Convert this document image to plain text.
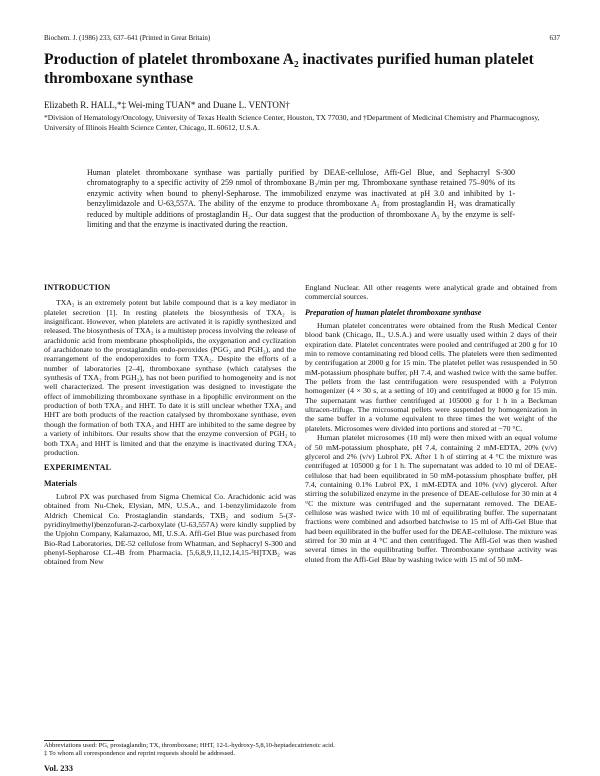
Biochem. J. (1986) 233, 637–641 (Printed in Great Britain)	637
Production of platelet thromboxane A₂ inactivates purified human platelet thromboxane synthase
Elizabeth R. HALL,*‡ Wei-ming TUAN* and Duane L. VENTON†
*Division of Hematology/Oncology, University of Texas Health Science Center, Houston, TX 77030, and †Department of Medicinal Chemistry and Pharmacognosy, University of Illinois Health Science Center, Chicago, IL 60612, U.S.A.

Human platelet thromboxane synthase was partially purified by DEAE-cellulose, Affi-Gel Blue, and Sephacryl S-300 chromatography to a specific activity of 259 nmol of thromboxane B₂/min per mg. Thromboxane synthase retained 75–90% of its enzymic activity when bound to phenyl-Sepharose. The immobilized enzyme was inactivated at pH 3.0 and inhibited by 1-benzylimidazole and U-63,557A. The ability of the enzyme to produce thromboxane A₂ from prostaglandin H₂ was dramatically reduced by multiple additions of prostaglandin H₂. Our data suggest that the production of thromboxane A₂ by the enzyme is self-limiting and that the enzyme is inactivated during the reaction.

INTRODUCTION

TXA₂ is an extremely potent but labile compound that is a key mediator in platelet secretion [1]. In resting platelets the biosynthesis of TXA₂ is insignificant. However, when platelets are activated it is rapidly synthesized and released. The biosynthesis of TXA₂ is a multistep process involving the release of arachidonic acid from membrane phospholipids, the oxygenation and cyclization of arachidonate to the prostaglandin endo-peroxides (PGG₂ and PGH₂), and the rearrangement of the endoperoxides to form TXA₂. Despite the efforts of a number of laboratories [2–4], thromboxane synthase (which catalyses the synthesis of TXA₂ from PGH₂), has not been purified to homogeneity and is not well characterized. The present investigation was designed to investigate the effect of immobilizing thromboxane synthase in a lipophilic environment on the production of both TXA₂ and HHT. To date it is still unclear whether TXA₂ and HHT are both products of the reaction catalysed by thromboxane synthase, even though the formation of both TXA₂ and HHT are inhibited to the same degree by a variety of inhibitors. Our results show that the enzyme conversion of PGH₂ to both TXA₂ and HHT is limited and that the enzyme is inactivated during TXA₂ production.

EXPERIMENTAL
Materials

Lubrol PX was purchased from Sigma Chemical Co. Arachidonic acid was obtained from Nu-Chek, Elysian, MN, U.S.A., and 1-benzylimidazole from Aldrich Chemical Co. Prostaglandin standards, TXB₂ and sodium 5-(3'-pyridinylmethyl)benzofuran-2-carboxylate (U-63,557A) were kindly supplied by the Upjohn Company, Kalamazoo, MI, U.S.A. Affi-Gel Blue was purchased from Bio-Rad Laboratories, DE-52 cellulose from Whatman, and Sephacryl S-300 and phenyl-Sepharose CL-4B from Pharmacia. [5,6,8,9,11,12,14,15-³H]TXB₂ was obtained from New

England Nuclear. All other reagents were analytical grade and obtained from commercial sources.

Preparation of human platelet thromboxane synthase

Human platelet concentrates were obtained from the Rush Medical Center blood bank (Chicago, IL, U.S.A.) and were usually used within 2 days of their expiration date. Platelet concentrates were pooled and centrifuged at 200 g for 10 min to remove contaminating red blood cells. The platelets were then sedimented by centrifugation at 2000 g for 15 min. The platelet pellet was resuspended in 50 mM-potassium phosphate buffer, pH 7.4, and washed twice with the same buffer. The pellets from the last centrifugation were resuspended with a Polytron homogenizer (4 × 30 s, at a setting of 10) and centrifuged at 8000 g for 15 min. The supernatant was further centrifuged at 105000 g for 1 h in a Beckman ultracen-trifuge. The microsomal pellets were suspended by homogenization in the same buffer in a volume equivalent to three times the wet weight of the platelets. Microsomes were divided into portions and stored at −70 °C.

Human platelet microsomes (10 ml) were then mixed with an equal volume of 50 mM-potassium phosphate, pH 7.4, containing 2 mM-EDTA, 20% (v/v) glycerol and 2% (v/v) Lubrol PX. After 1 h of stirring at 4 °C the mixture was centrifuged at 105000 g for 1 h. The supernatant was added to 10 ml of DEAE-cellulose that had been equilibrated in 50 mM-potassium phosphate buffer, pH 7.4, containing 0.1% Lubrol PX, 1 mM-EDTA and 10% (v/v) glycerol. After stirring the solubilized enzyme in the presence of DEAE-cellulose for 30 min at 4 °C the mixture was centrifuged and the supernatant removed. The DEAE-cellulose was washed twice with 10 ml of equilibrating buffer. The supernatant fractions were combined and adsorbed batchwise to 15 ml of Affi-Gel Blue that had been equilibrated in the buffer used for the DEAE-cellulose. The mixture was stirred for 30 min at 4 °C and then centrifuged. The Affi-Gel was then washed several times in the equilibrating buffer. Thromboxane synthase activity was eluted from the Affi-Gel Blue by washing twice with 15 ml of 50 mM-

Abbreviations used: PG, prostaglandin; TX, thromboxane; HHT, 12-L-hydroxy-5,8,10-heptadecatrienoic acid.
‡ To whom all correspondence and reprint requests should be addressed.
Vol. 233
